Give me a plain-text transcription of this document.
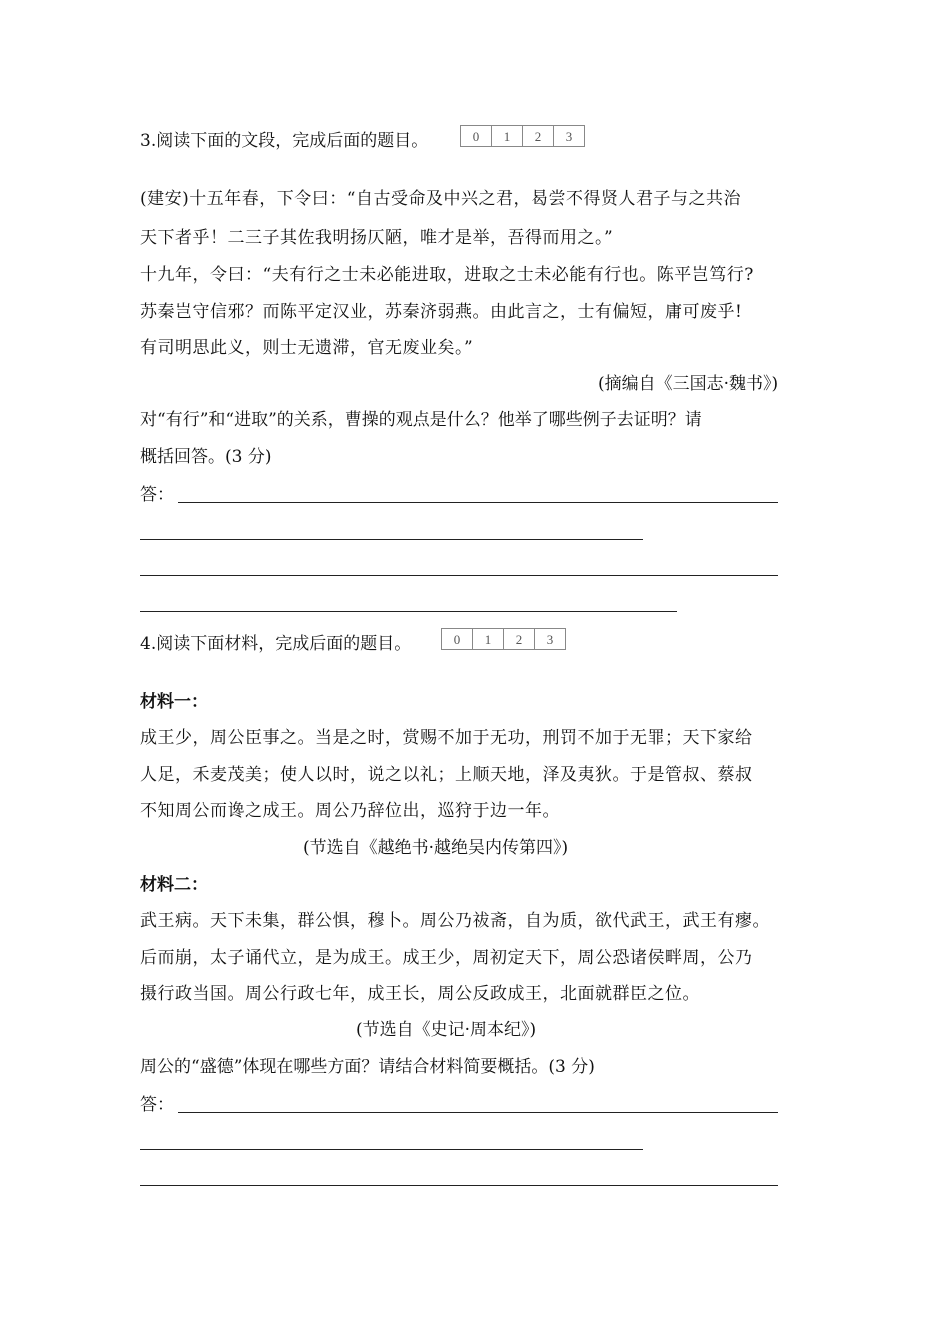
3.阅读下面的文段，完成后面的题目。	0	1	2	3
(建安)十五年春，下令曰：“自古受命及中兴之君，曷尝不得贤人君子与之共治
天下者乎！二三子其佐我明扬仄陋，唯才是举，吾得而用之。”
十九年，令曰：“夫有行之士未必能进取，进取之士未必能有行也。陈平岂笃行?
苏秦岂守信邪？而陈平定汉业，苏秦济弱燕。由此言之，士有偏短，庸可废乎!
有司明思此义，则士无遗滞，官无废业矣。”
(摘编自《三国志·魏书》)
对“有行”和“进取”的关系，曹操的观点是什么？他举了哪些例子去证明？请
概括回答。(3 分)
答：
4.阅读下面材料，完成后面的题目。	0	1	2	3
材料一：
成王少，周公臣事之。当是之时，赏赐不加于无功，刑罚不加于无罪；天下家给
人足，禾麦茂美；使人以时，说之以礼；上顺天地，泽及夷狄。于是管叔、蔡叔
不知周公而谗之成王。周公乃辞位出，巡狩于边一年。
(节选自《越绝书·越绝吴内传第四》)
材料二：
武王病。天下未集，群公惧，穆卜。周公乃祓斋，自为质，欲代武王，武王有瘳。
后而崩，太子诵代立，是为成王。成王少，周初定天下，周公恐诸侯畔周，公乃
摄行政当国。周公行政七年，成王长，周公反政成王，北面就群臣之位。
(节选自《史记·周本纪》)
周公的“盛德”体现在哪些方面？请结合材料简要概括。(3 分)
答：
